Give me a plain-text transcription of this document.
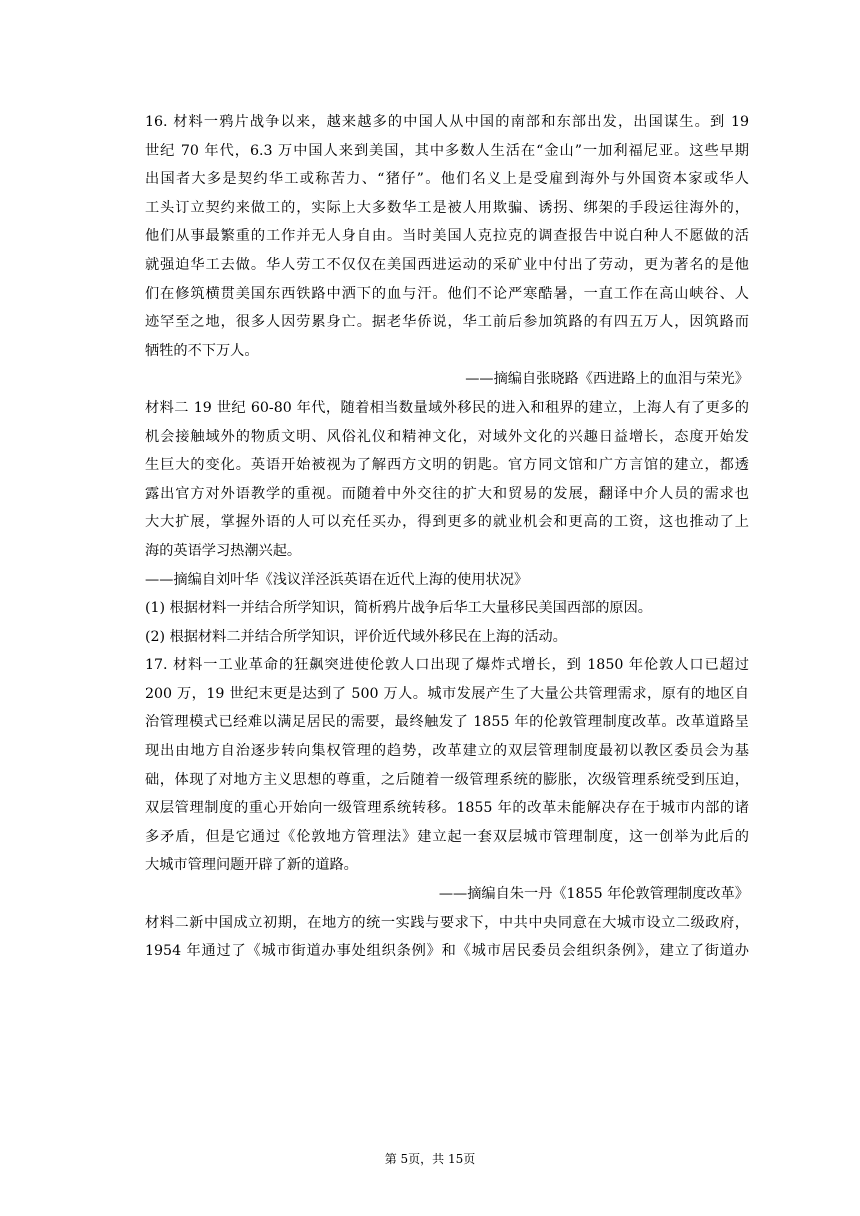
16. 材料一鸦片战争以来，越来越多的中国人从中国的南部和东部出发，出国谋生。到 19
世纪 70 年代，6.3 万中国人来到美国，其中多数人生活在“金山”一加利福尼亚。这些早期
出国者大多是契约华工或称苦力、“猪仔”。他们名义上是受雇到海外与外国资本家或华人
工头订立契约来做工的，实际上大多数华工是被人用欺骗、诱拐、绑架的手段运往海外的，
他们从事最繁重的工作并无人身自由。当时美国人克拉克的调查报告中说白种人不愿做的活
就强迫华工去做。华人劳工不仅仅在美国西进运动的采矿业中付出了劳动，更为著名的是他
们在修筑横贯美国东西铁路中洒下的血与汗。他们不论严寒酷暑，一直工作在高山峡谷、人
迹罕至之地，很多人因劳累身亡。据老华侨说，华工前后参加筑路的有四五万人，因筑路而
牺牲的不下万人。
——摘编自张晓路《西进路上的血泪与荣光》
材料二 19 世纪 60-80 年代，随着相当数量域外移民的进入和租界的建立，上海人有了更多的
机会接触域外的物质文明、风俗礼仪和精神文化，对域外文化的兴趣日益增长，态度开始发
生巨大的变化。英语开始被视为了解西方文明的钥匙。官方同文馆和广方言馆的建立，都透
露出官方对外语教学的重视。而随着中外交往的扩大和贸易的发展，翻译中介人员的需求也
大大扩展，掌握外语的人可以充任买办，得到更多的就业机会和更高的工资，这也推动了上
海的英语学习热潮兴起。
——摘编自刘叶华《浅议洋泾浜英语在近代上海的使用状况》
(1) 根据材料一并结合所学知识，简析鸦片战争后华工大量移民美国西部的原因。
(2) 根据材料二并结合所学知识，评价近代域外移民在上海的活动。
17. 材料一工业革命的狂飙突进使伦敦人口出现了爆炸式增长，到 1850 年伦敦人口已超过
200 万，19 世纪末更是达到了 500 万人。城市发展产生了大量公共管理需求，原有的地区自
治管理模式已经难以满足居民的需要，最终触发了 1855 年的伦敦管理制度改革。改革道路呈
现出由地方自治逐步转向集权管理的趋势，改革建立的双层管理制度最初以教区委员会为基
础，体现了对地方主义思想的尊重，之后随着一级管理系统的膨胀，次级管理系统受到压迫，
双层管理制度的重心开始向一级管理系统转移。1855 年的改革未能解决存在于城市内部的诸
多矛盾，但是它通过《伦敦地方管理法》建立起一套双层城市管理制度，这一创举为此后的
大城市管理问题开辟了新的道路。
——摘编自朱一丹《1855 年伦敦管理制度改革》
材料二新中国成立初期，在地方的统一实践与要求下，中共中央同意在大城市设立二级政府，
1954 年通过了《城市街道办事处组织条例》和《城市居民委员会组织条例》，建立了街道办
第 5页，共 15页
